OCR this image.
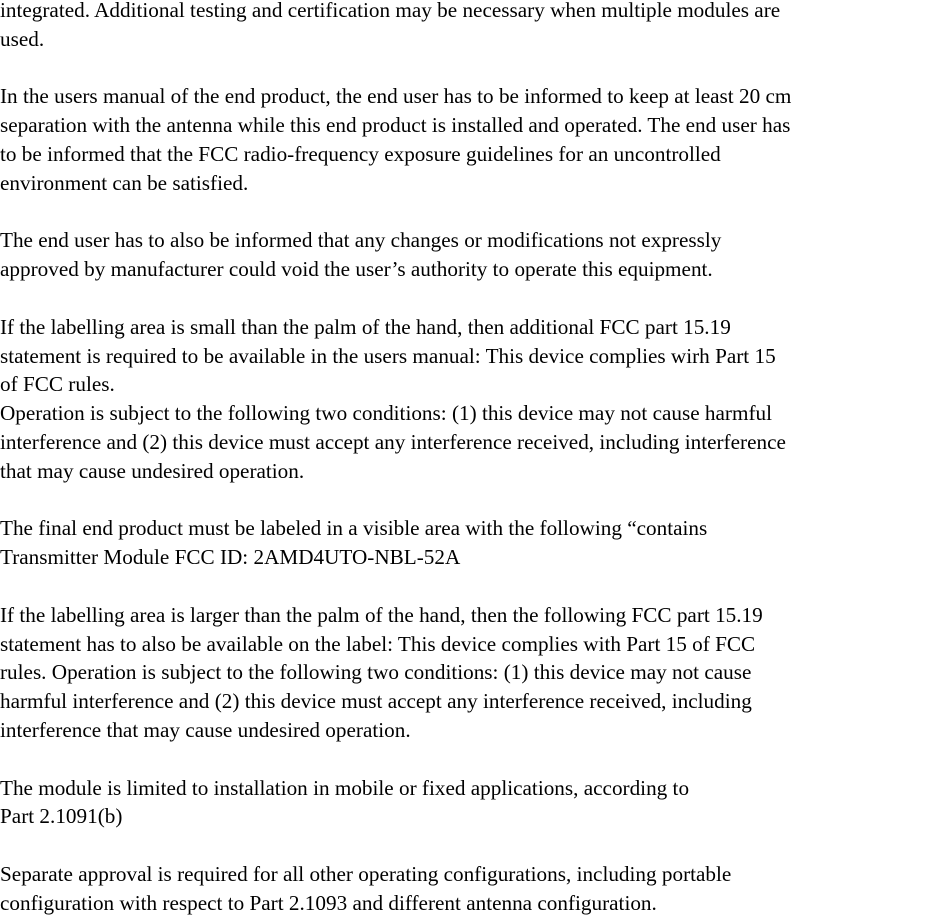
integrated. Additional testing and certification may be necessary when multiple modules are
used.
In the users manual of the end product, the end user has to be informed to keep at least 20 cm
separation with the antenna while this end product is installed and operated. The end user has
to be informed that the FCC radio-frequency exposure guidelines for an uncontrolled
environment can be satisfied.
The end user has to also be informed that any changes or modifications not expressly
approved by manufacturer could void the user’s authority to operate this equipment.
If the labelling area is small than the palm of the hand, then additional FCC part 15.19
statement is required to be available in the users manual: This device complies wirh Part 15
of FCC rules.
Operation is subject to the following two conditions: (1) this device may not cause harmful
interference and (2) this device must accept any interference received, including interference
that may cause undesired operation.
The final end product must be labeled in a visible area with the following “contains
Transmitter Module FCC ID: 2AMD4UTO-NBL-52A
If the labelling area is larger than the palm of the hand, then the following FCC part 15.19
statement has to also be available on the label: This device complies with Part 15 of FCC
rules. Operation is subject to the following two conditions: (1) this device may not cause
harmful interference and (2) this device must accept any interference received, including
interference that may cause undesired operation.
The module is limited to installation in mobile or fixed applications, according to
Part 2.1091(b)
Separate approval is required for all other operating configurations, including portable
configuration with respect to Part 2.1093 and different antenna configuration.
